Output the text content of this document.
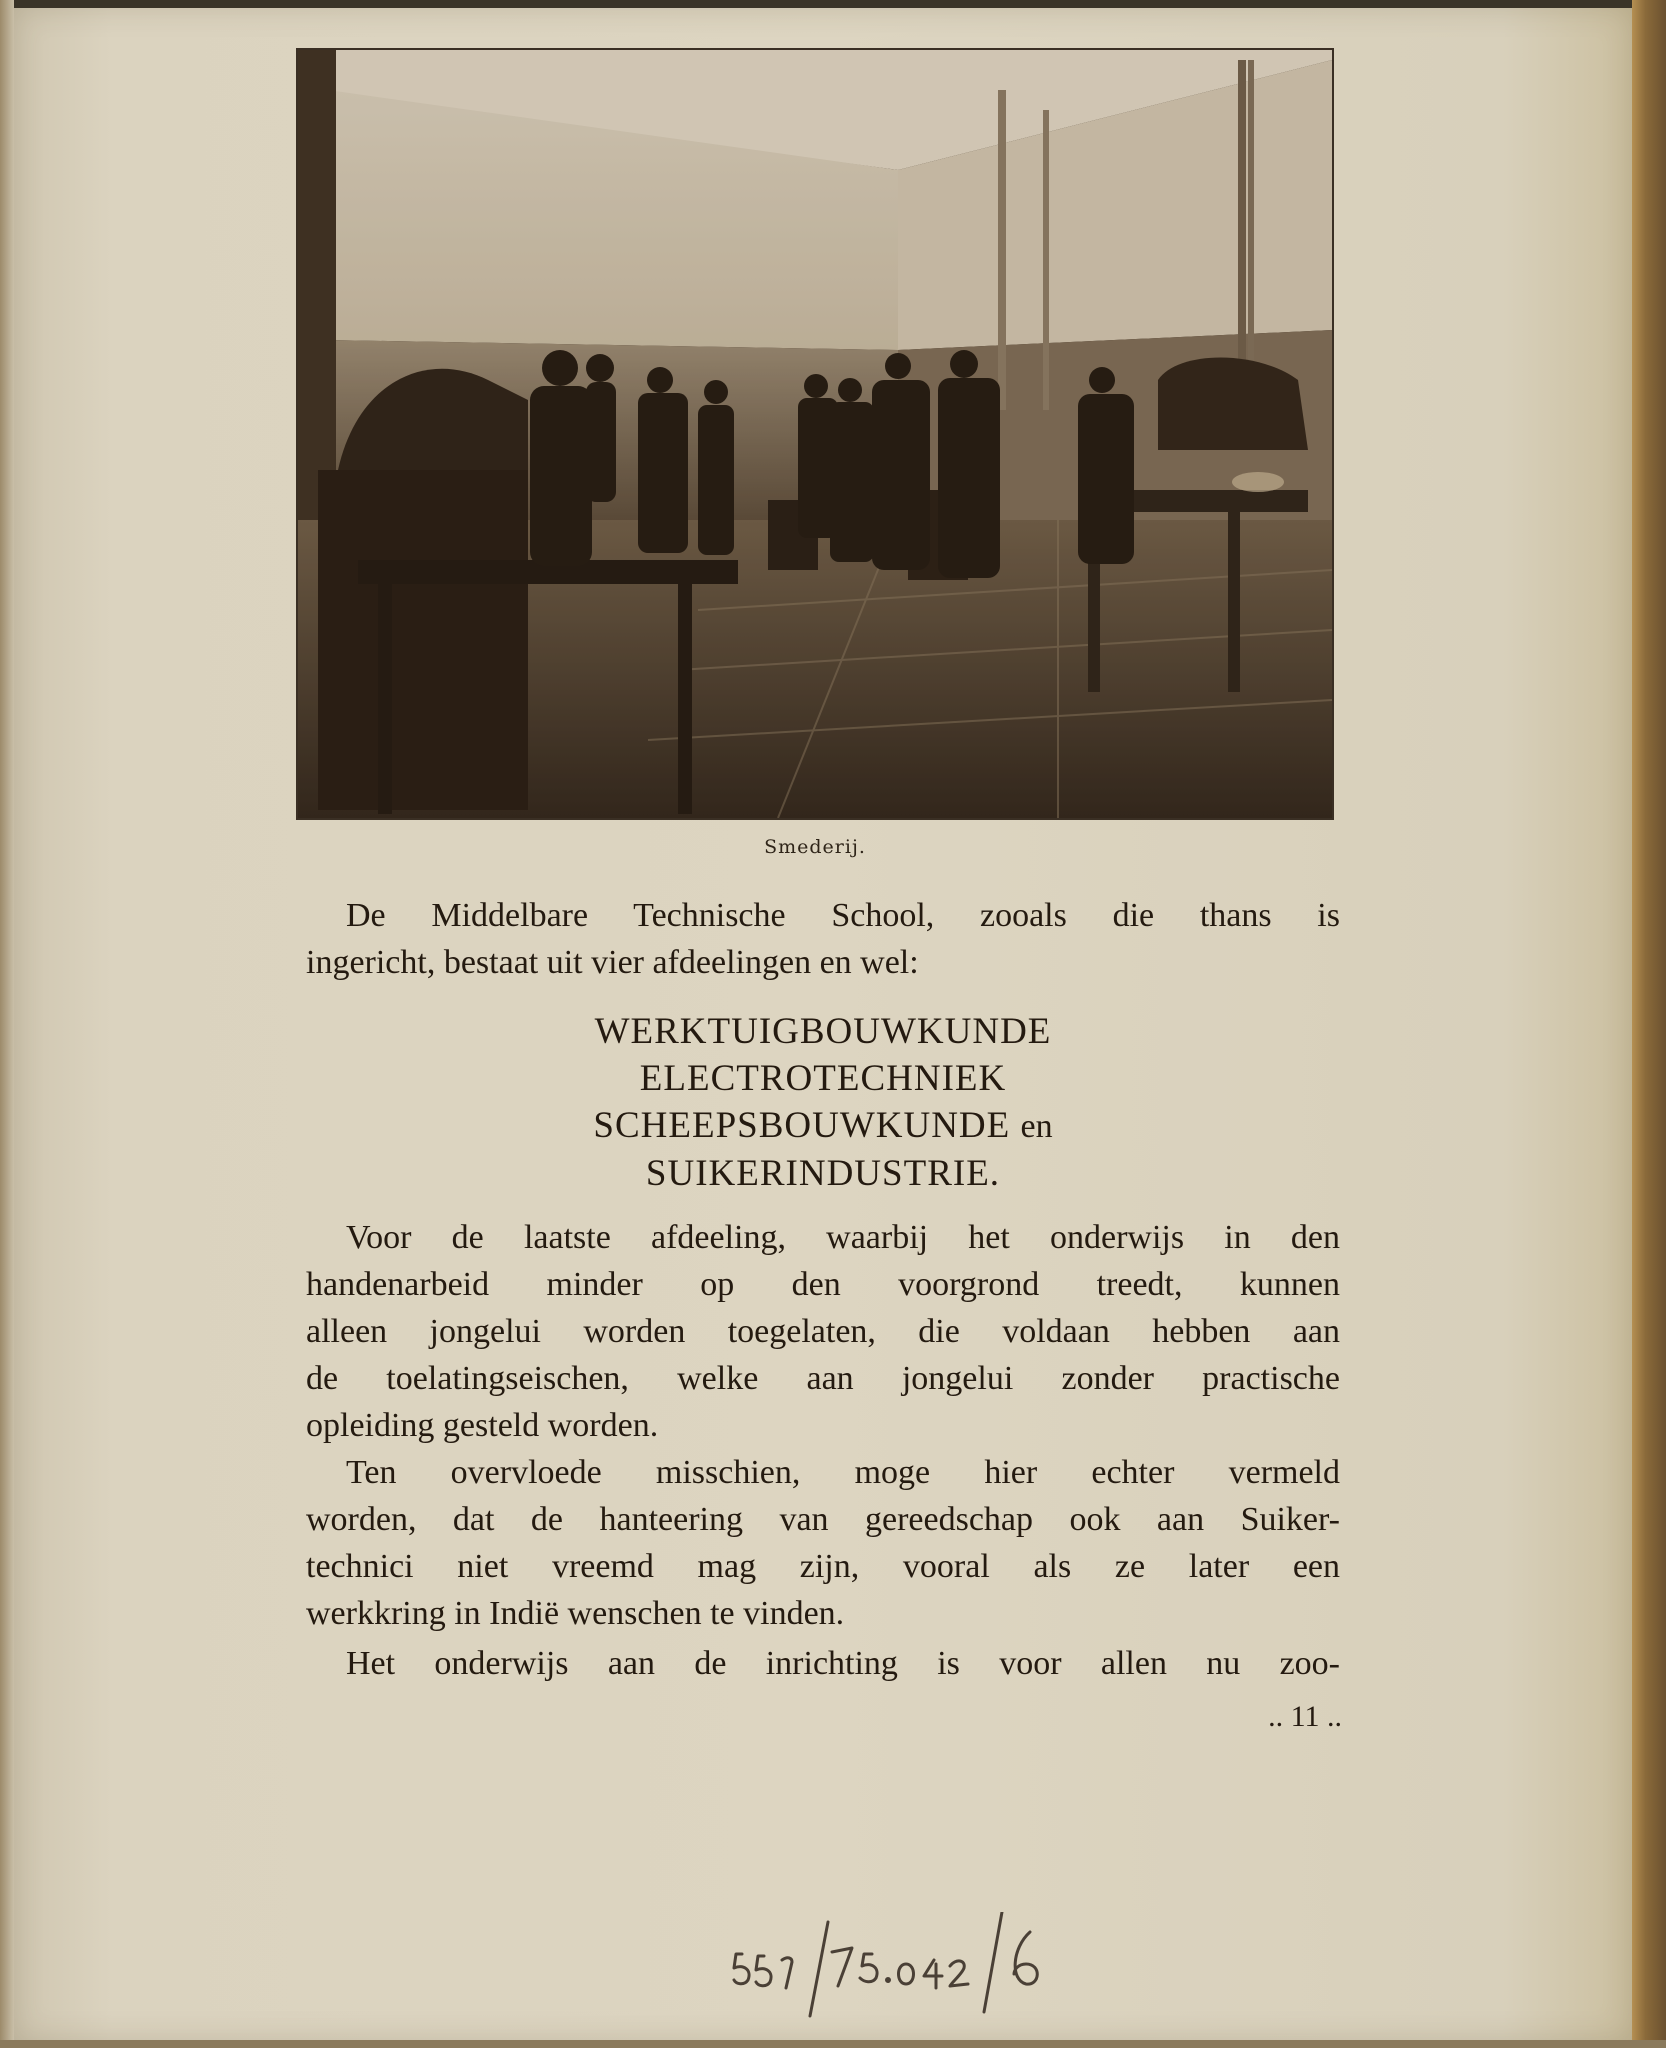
Smederij.
De Middelbare Technische School, zooals die thans is
ingericht, bestaat uit vier afdeelingen en wel:
WERKTUIGBOUWKUNDE
ELECTROTECHNIEK
SCHEEPSBOUWKUNDE en
SUIKERINDUSTRIE.
Voor de laatste afdeeling, waarbij het onderwijs in den
handenarbeid minder op den voorgrond treedt, kunnen
alleen jongelui worden toegelaten, die voldaan hebben aan
de toelatingseischen, welke aan jongelui zonder practische
opleiding gesteld worden.
Ten overvloede misschien, moge hier echter vermeld
worden, dat de hanteering van gereedschap ook aan Suiker-
technici niet vreemd mag zijn, vooral als ze later een
werkkring in Indië wenschen te vinden.
Het onderwijs aan de inrichting is voor allen nu zoo-
.. 11 ..
